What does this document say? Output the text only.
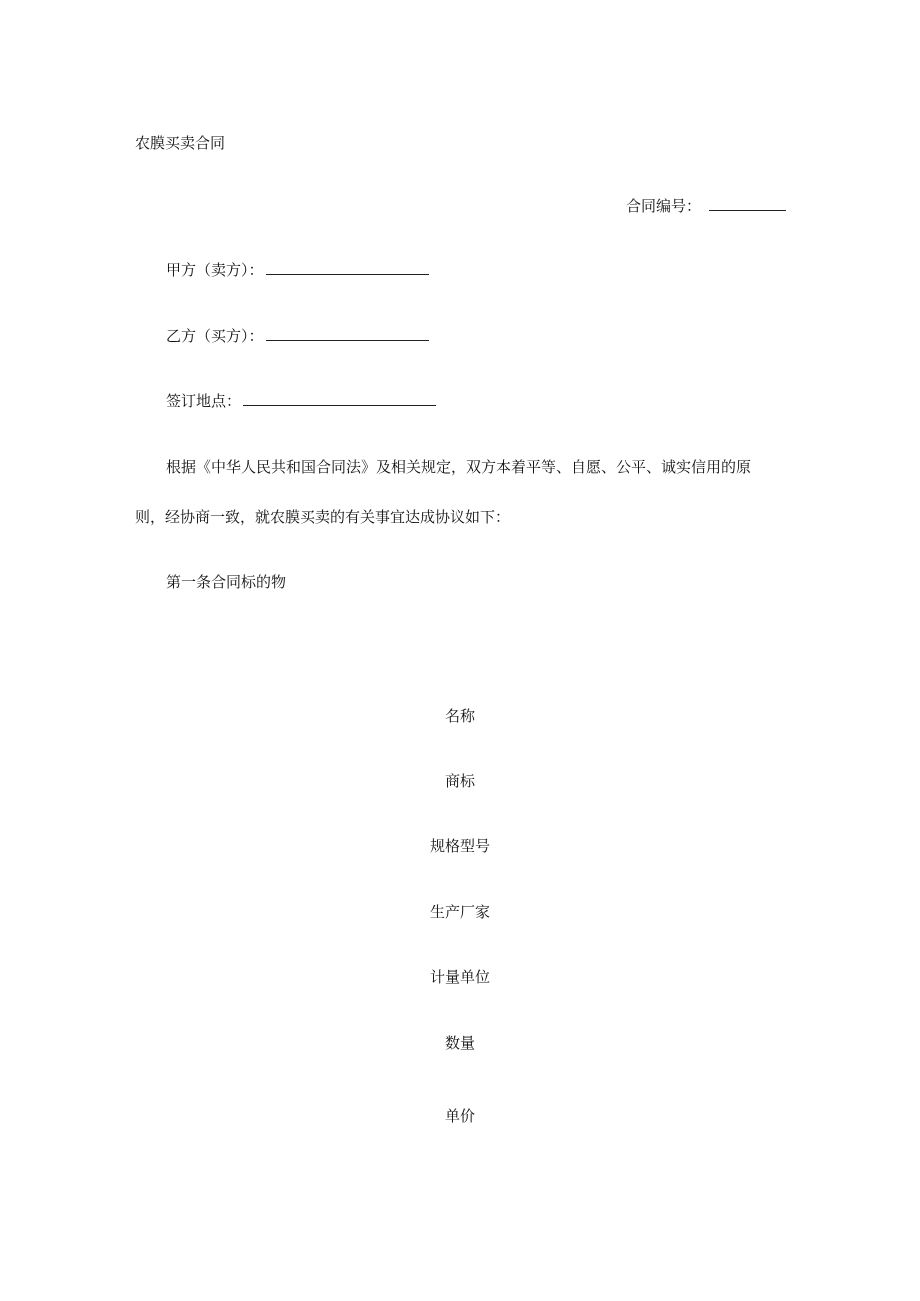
农膜买卖合同
合同编号：
甲方（卖方）：
乙方（买方）：
签订地点：
根据《中华人民共和国合同法》及相关规定，双方本着平等、自愿、公平、诚实信用的原
则，经协商一致，就农膜买卖的有关事宜达成协议如下：
第一条合同标的物
名称
商标
规格型号
生产厂家
计量单位
数量
单价
